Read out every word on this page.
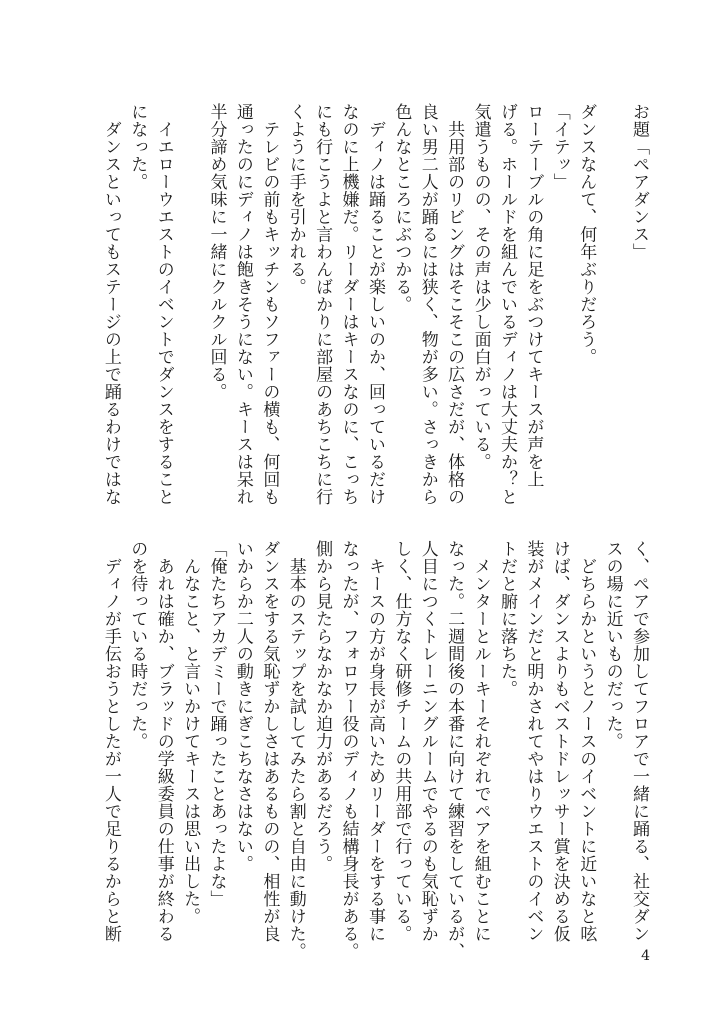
お題「ペアダンス」

ダンスなんて、何年ぶりだろう。

「イテッ」

ローテーブルの角に足をぶつけてキースが声を上

げる。ホールドを組んでいるディノは大丈夫か？と

気遣うものの、その声は少し面白がっている。

　共用部のリビングはそこそこの広さだが、体格の

良い男二人が踊るには狭く、物が多い。さっきから

色んなところにぶつかる。

　ディノは踊ることが楽しいのか、回っているだけ

なのに上機嫌だ。リーダーはキースなのに、こっち

にも行こうよと言わんばかりに部屋のあちこちに行

くように手を引かれる。

　テレビの前もキッチンもソファーの横も、何回も

通ったのにディノは飽きそうにない。キースは呆れ

半分諦め気味に一緒にクルクル回る。

　イエローウエストのイベントでダンスをすること

になった。

　ダンスといってもステージの上で踊るわけではな

く、ペアで参加してフロアで一緒に踊る、社交ダン

スの場に近いものだった。

　どちらかというとノースのイベントに近いなと呟

けば、ダンスよりもベストドレッサー賞を決める仮

装がメインだと明かされてやはりウエストのイベン

トだと腑に落ちた。

　メンターとルーキーそれぞれでペアを組むことに

なった。二週間後の本番に向けて練習をしているが、

人目につくトレーニングルームでやるのも気恥ずか

しく、仕方なく研修チームの共用部で行っている。

　キースの方が身長が高いためリーダーをする事に

なったが、フォロワー役のディノも結構身長がある。

側から見たらなかなか迫力があるだろう。

　基本のステップを試してみたら割と自由に動けた。

ダンスをする気恥ずかしさはあるものの、相性が良

いからか二人の動きにぎこちなさはない。

「俺たちアカデミーで踊ったことあったよな」

　んなこと、と言いかけてキースは思い出した。

　あれは確か、ブラッドの学級委員の仕事が終わる

のを待っている時だった。

　ディノが手伝おうとしたが一人で足りるからと断

4
